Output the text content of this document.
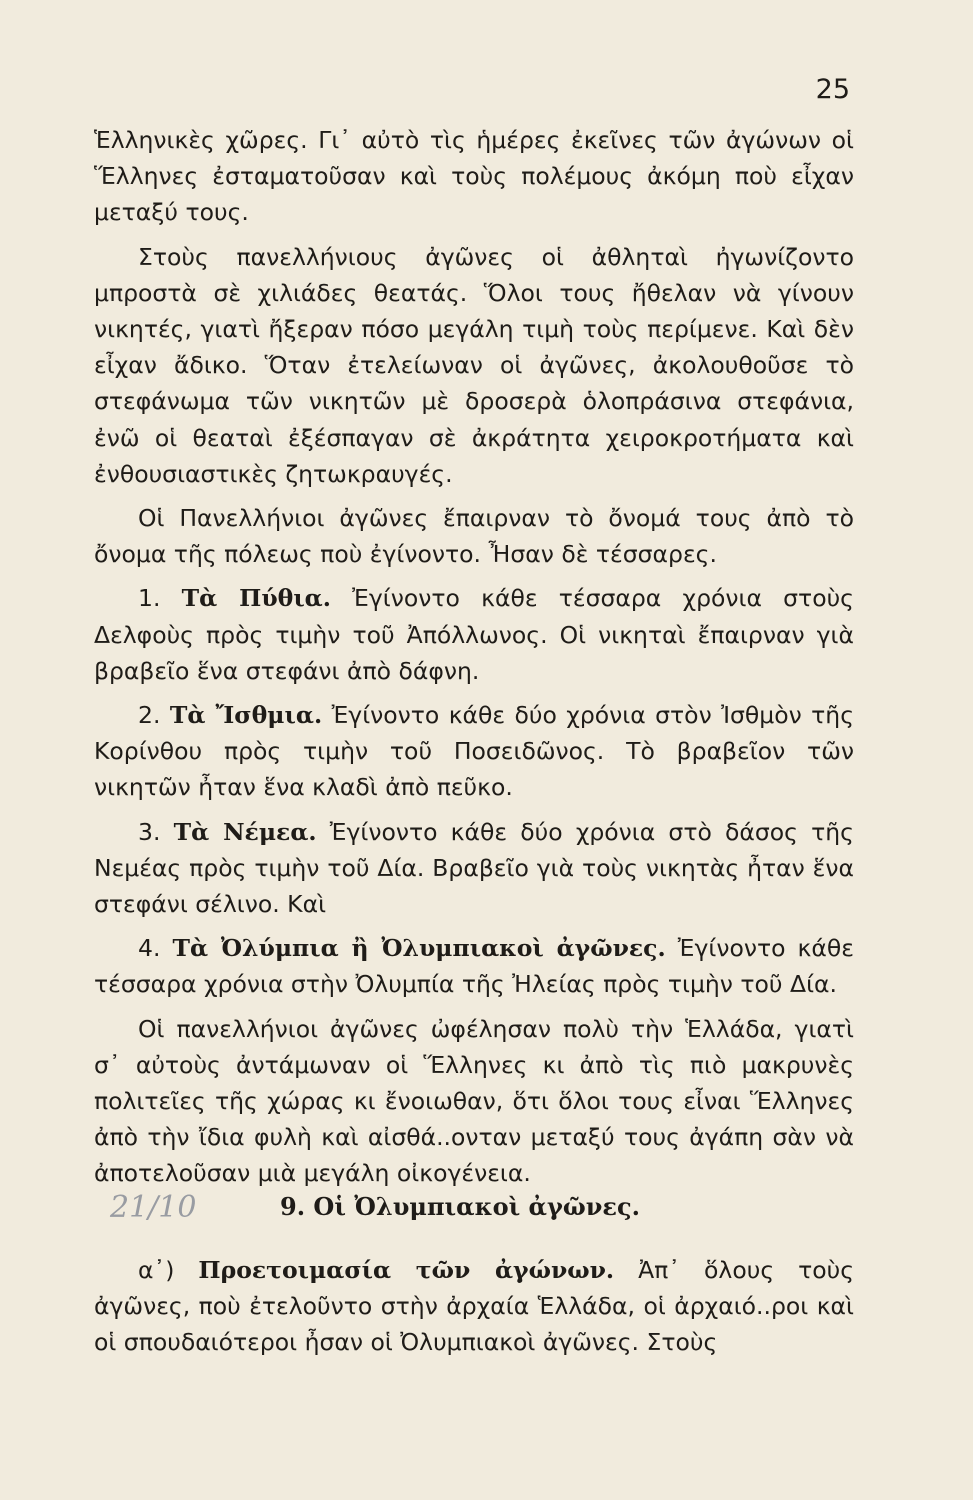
25

Ἑλληνικὲς χῶρες. Γι᾽ αὐτὸ τὶς ἡμέρες ἐκεῖνες τῶν ἀγώνων οἱ Ἕλληνες ἐσταματοῦσαν καὶ τοὺς πολέμους ἀκόμη ποὺ εἶχαν μεταξύ τους.

Στοὺς πανελλήνιους ἀγῶνες οἱ ἀθληταὶ ἠγωνίζοντο μπροστὰ σὲ χιλιάδες θεατάς. Ὅλοι τους ἤθελαν νὰ γίνουν νικητές, γιατὶ ἤξεραν πόσο μεγάλη τιμὴ τοὺς περίμενε. Καὶ δὲν εἶχαν ἄδικο. Ὅταν ἐτελείωναν οἱ ἀγῶνες, ἀκολουθοῦσε τὸ στεφάνωμα τῶν νικητῶν μὲ δροσερὰ ὁλοπράσινα στεφάνια, ἐνῶ οἱ θεαταὶ ἐξέσπαγαν σὲ ἀκράτητα χειροκροτήματα καὶ ἐνθουσιαστικὲς ζητωκραυγές.

Οἱ Πανελλήνιοι ἀγῶνες ἔπαιρναν τὸ ὄνομά τους ἀπὸ τὸ ὄνομα τῆς πόλεως ποὺ ἐγίνοντο. Ἦσαν δὲ τέσσαρες.

1. Τὰ Πύθια. Ἐγίνοντο κάθε τέσσαρα χρόνια στοὺς Δελφοὺς πρὸς τιμὴν τοῦ Ἀπόλλωνος. Οἱ νικηταὶ ἔπαιρναν γιὰ βραβεῖο ἕνα στεφάνι ἀπὸ δάφνη.

2. Τὰ Ἴσθμια. Ἐγίνοντο κάθε δύο χρόνια στὸν Ἰσθμὸν τῆς Κορίνθου πρὸς τιμὴν τοῦ Ποσειδῶνος. Τὸ βραβεῖον τῶν νικητῶν ἦταν ἕνα κλαδὶ ἀπὸ πεῦκο.

3. Τὰ Νέμεα. Ἐγίνοντο κάθε δύο χρόνια στὸ δάσος τῆς Νεμέας πρὸς τιμὴν τοῦ Δία. Βραβεῖο γιὰ τοὺς νικητὰς ἦταν ἕνα στεφάνι σέλινο. Καὶ

4. Τὰ Ὀλύμπια ἢ Ὀλυμπιακοὶ ἀγῶνες. Ἐγίνοντο κάθε τέσσαρα χρόνια στὴν Ὀλυμπία τῆς Ἠλείας πρὸς τιμὴν τοῦ Δία.

Οἱ πανελλήνιοι ἀγῶνες ὠφέλησαν πολὺ τὴν Ἑλλάδα, γιατὶ σ᾽ αὐτοὺς ἀντάμωναν οἱ Ἕλληνες κι ἀπὸ τὶς πιὸ μακρυνὲς πολιτεῖες τῆς χώρας κι ἔνοιωθαν, ὅτι ὅλοι τους εἶναι Ἕλληνες ἀπὸ τὴν ἴδια φυλὴ καὶ αἰσθά..ονταν μεταξύ τους ἀγάπη σὰν νὰ ἀποτελοῦσαν μιὰ μεγάλη οἰκογένεια.

21/10	9. Οἱ Ὀλυμπιακοὶ ἀγῶνες.

α᾽) Προετοιμασία τῶν ἀγώνων. Ἀπ᾽ ὅλους τοὺς ἀγῶνες, ποὺ ἐτελοῦντο στὴν ἀρχαία Ἑλλάδα, οἱ ἀρχαιό..ροι καὶ οἱ σπουδαιότεροι ἦσαν οἱ Ὀλυμπιακοὶ ἀγῶνες. Στοὺς
